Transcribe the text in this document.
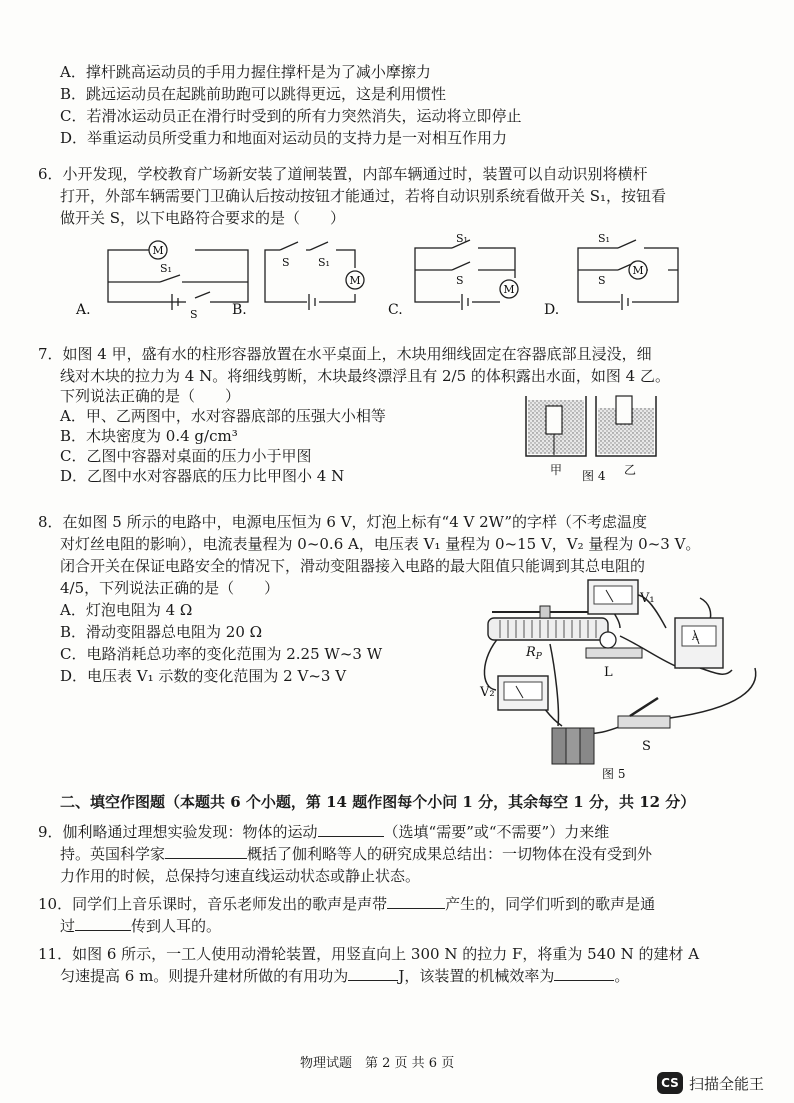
A．撑杆跳高运动员的手用力握住撑杆是为了减小摩擦力
B．跳远运动员在起跳前助跑可以跳得更远，这是利用惯性
C．若滑冰运动员正在滑行时受到的所有力突然消失，运动将立即停止
D．举重运动员所受重力和地面对运动员的支持力是一对相互作用力
6．小开发现，学校教育广场新安装了道闸装置，内部车辆通过时，装置可以自动识别将横杆
打开，外部车辆需要门卫确认后按动按钮才能通过，若将自动识别系统看做开关 S₁，按钮看
做开关 S，以下电路符合要求的是（　　）
M
M
M
M
S₁
S
S	S₁
S₁
S
S₁
S
A.	B.	C.	D.
7．如图 4 甲，盛有水的柱形容器放置在水平桌面上，木块用细线固定在容器底部且浸没，细
线对木块的拉力为 4 N。将细线剪断，木块最终漂浮且有 2/5 的体积露出水面，如图 4 乙。
下列说法正确的是（　　）
A．甲、乙两图中，水对容器底部的压强大小相等
B．木块密度为 0.4 g/cm³
C．乙图中容器对桌面的压力小于甲图
D．乙图中水对容器底的压力比甲图小 4 N	甲 图 4 乙
8．在如图 5 所示的电路中，电源电压恒为 6 V，灯泡上标有“4 V 2W”的字样（不考虑温度
对灯丝电阻的影响），电流表量程为 0~0.6 A，电压表 V₁ 量程为 0~15 V，V₂ 量程为 0~3 V。
闭合开关在保证电路安全的情况下，滑动变阻器接入电路的最大阻值只能调到其总电阻的
4/5，下列说法正确的是（　　）
A．灯泡电阻为 4 Ω
B．滑动变阻器总电阻为 20 Ω
C．电路消耗总功率的变化范围为 2.25 W~3 W
D．电压表 V₁ 示数的变化范围为 2 V~3 V
V₁
V₂
$R_P$
L
A
S
图 5
二、填空作图题（本题共 6 个小题，第 14 题作图每个小问 1 分，其余每空 1 分，共 12 分）
9．伽利略通过理想实验发现：物体的运动	（选填“需要”或“不需要”）力来维
持。英国科学家	概括了伽利略等人的研究成果总结出：一切物体在没有受到外
力作用的时候，总保持匀速直线运动状态或静止状态。
10．同学们上音乐课时，音乐老师发出的歌声是声带	产生的，同学们听到的歌声是通
过	传到人耳的。
11．如图 6 所示，一工人使用动滑轮装置，用竖直向上 300 N 的拉力 F，将重为 540 N 的建材 A
匀速提高 6 m。则提升建材所做的有用功为	J，该装置的机械效率为	。
物理试题　第 2 页 共 6 页
CS 扫描全能王
